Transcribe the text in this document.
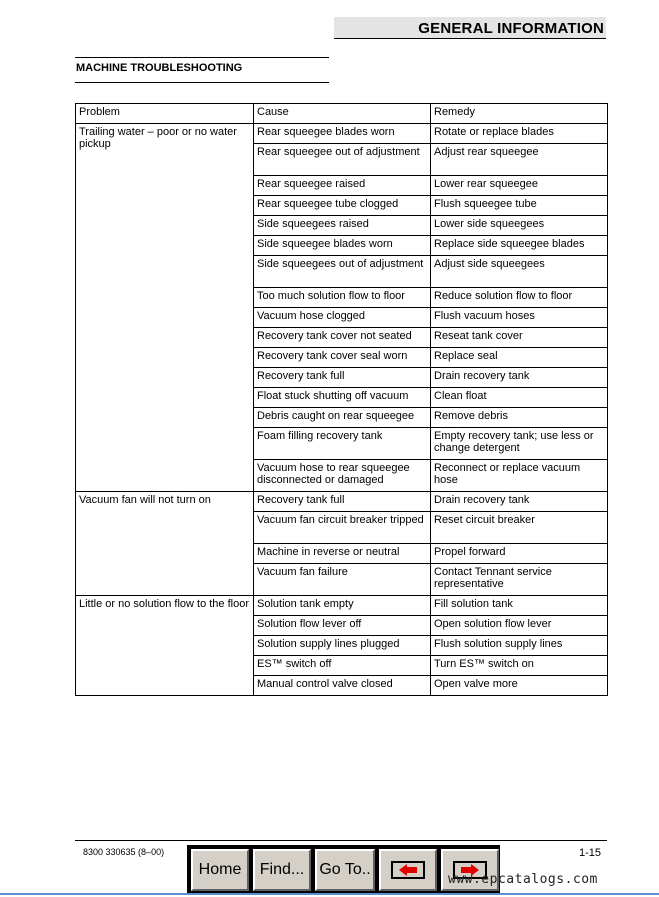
GENERAL INFORMATION
MACHINE TROUBLESHOOTING
Problem	Cause	Remedy
Trailing water – poor or no water pickup	Rear squeegee blades worn	Rotate or replace blades
	Rear squeegee out of adjustment	Adjust rear squeegee
	Rear squeegee raised	Lower rear squeegee
	Rear squeegee tube clogged	Flush squeegee tube
	Side squeegees raised	Lower side squeegees
	Side squeegee blades worn	Replace side squeegee blades
	Side squeegees out of adjustment	Adjust side squeegees
	Too much solution flow to floor	Reduce solution flow to floor
	Vacuum hose clogged	Flush vacuum hoses
	Recovery tank cover not seated	Reseat tank cover
	Recovery tank cover seal worn	Replace seal
	Recovery tank full	Drain recovery tank
	Float stuck shutting off vacuum	Clean float
	Debris caught on rear squeegee	Remove debris
	Foam filling recovery tank	Empty recovery tank; use less or change detergent
	Vacuum hose to rear squeegee disconnected or damaged	Reconnect or replace vacuum hose
Vacuum fan will not turn on	Recovery tank full	Drain recovery tank
	Vacuum fan circuit breaker tripped	Reset circuit breaker
	Machine in reverse or neutral	Propel forward
	Vacuum fan failure	Contact Tennant service representative
Little or no solution flow to the floor	Solution tank empty	Fill solution tank
	Solution flow lever off	Open solution flow lever
	Solution supply lines plugged	Flush solution supply lines
	ES™ switch off	Turn ES™ switch on
	Manual control valve closed	Open valve more
8300 330635 (8–00)	1-15
Home	Find... Go To..
www.epcatalogs.com
